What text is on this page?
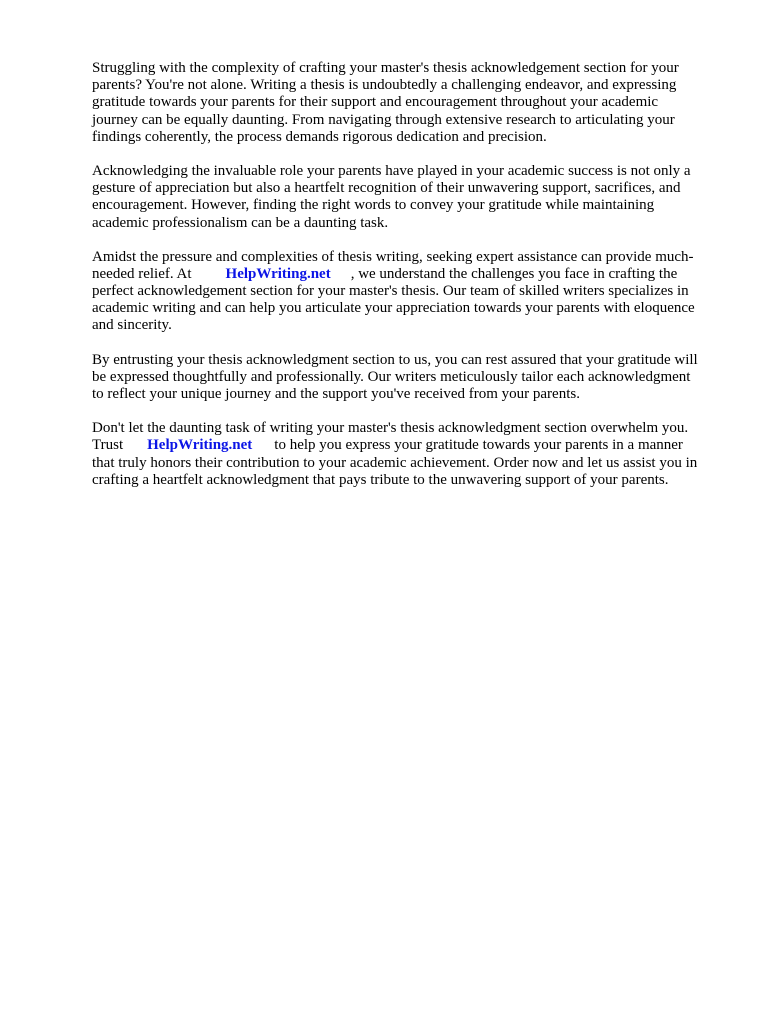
Struggling with the complexity of crafting your master's thesis acknowledgement section for your
parents? You're not alone. Writing a thesis is undoubtedly a challenging endeavor, and expressing
gratitude towards your parents for their support and encouragement throughout your academic
journey can be equally daunting. From navigating through extensive research to articulating your
findings coherently, the process demands rigorous dedication and precision.

Acknowledging the invaluable role your parents have played in your academic success is not only a
gesture of appreciation but also a heartfelt recognition of their unwavering support, sacrifices, and
encouragement. However, finding the right words to convey your gratitude while maintaining
academic professionalism can be a daunting task.

Amidst the pressure and complexities of thesis writing, seeking expert assistance can provide much-
needed relief. At HelpWriting.net , we understand the challenges you face in crafting the
perfect acknowledgement section for your master's thesis. Our team of skilled writers specializes in
academic writing and can help you articulate your appreciation towards your parents with eloquence
and sincerity.

By entrusting your thesis acknowledgment section to us, you can rest assured that your gratitude will
be expressed thoughtfully and professionally. Our writers meticulously tailor each acknowledgment
to reflect your unique journey and the support you've received from your parents.

Don't let the daunting task of writing your master's thesis acknowledgment section overwhelm you.
Trust HelpWriting.net to help you express your gratitude towards your parents in a manner
that truly honors their contribution to your academic achievement. Order now and let us assist you in
crafting a heartfelt acknowledgment that pays tribute to the unwavering support of your parents.
